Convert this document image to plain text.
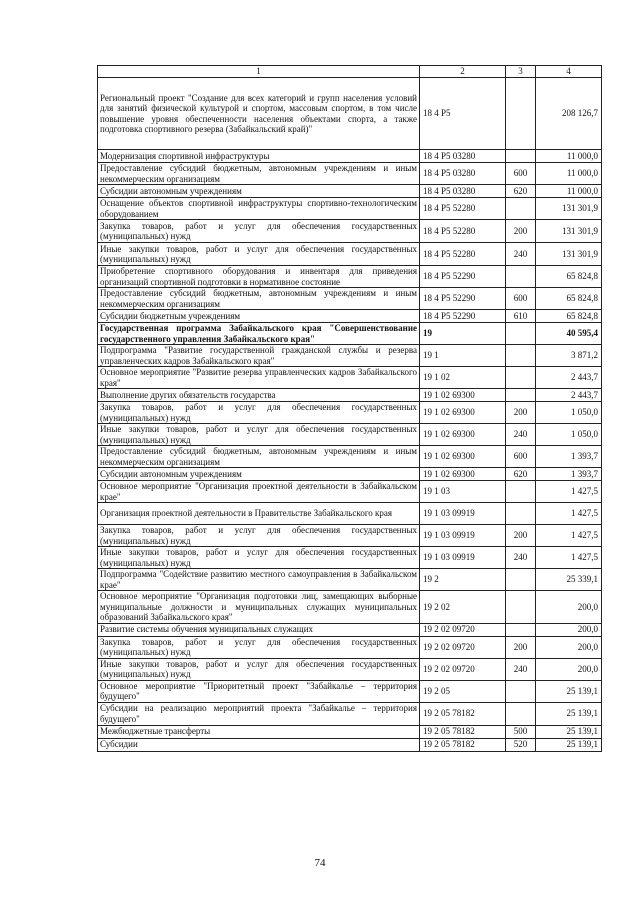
1	2	3	4
Региональный проект "Создание для всех категорий и групп населения условий для занятий физической культурой и спортом, массовым спортом, в том числе повышение уровня обеспеченности населения объектами спорта, а также подготовка спортивного резерва (Забайкальский край)"	18 4 P5		208 126,7
Модернизация спортивной инфраструктуры	18 4 P5 03280		11 000,0
Предоставление субсидий бюджетным, автономным учреждениям и иным некоммерческим организациям	18 4 P5 03280	600	11 000,0
Субсидии автономным учреждениям	18 4 P5 03280	620	11 000,0
Оснащение объектов спортивной инфраструктуры спортивно-технологическим оборудованием	18 4 P5 52280		131 301,9
Закупка товаров, работ и услуг для обеспечения государственных (муниципальных) нужд	18 4 P5 52280	200	131 301,9
Иные закупки товаров, работ и услуг для обеспечения государственных (муниципальных) нужд	18 4 P5 52280	240	131 301,9
Приобретение спортивного оборудования и инвентаря для приведения организаций спортивной подготовки в нормативное состояние	18 4 P5 52290		65 824,8
Предоставление субсидий бюджетным, автономным учреждениям и иным некоммерческим организациям	18 4 P5 52290	600	65 824,8
Субсидии бюджетным учреждениям	18 4 P5 52290	610	65 824,8
Государственная программа Забайкальского края "Совершенствование государственного управления Забайкальского края"	19		40 595,4
Подпрограмма "Развитие государственной гражданской службы и резерва управленческих кадров Забайкальского края"	19 1		3 871,2
Основное мероприятие "Развитие резерва управленческих кадров Забайкальского края"	19 1 02		2 443,7
Выполнение других обязательств государства	19 1 02 69300		2 443,7
Закупка товаров, работ и услуг для обеспечения государственных (муниципальных) нужд	19 1 02 69300	200	1 050,0
Иные закупки товаров, работ и услуг для обеспечения государственных (муниципальных) нужд	19 1 02 69300	240	1 050,0
Предоставление субсидий бюджетным, автономным учреждениям и иным некоммерческим организациям	19 1 02 69300	600	1 393,7
Субсидии автономным учреждениям	19 1 02 69300	620	1 393,7
Основное мероприятие "Организация проектной деятельности в Забайкальском крае"	19 1 03		1 427,5
Организация проектной деятельности в Правительстве Забайкальского края	19 1 03 09919		1 427,5
Закупка товаров, работ и услуг для обеспечения государственных (муниципальных) нужд	19 1 03 09919	200	1 427,5
Иные закупки товаров, работ и услуг для обеспечения государственных (муниципальных) нужд	19 1 03 09919	240	1 427,5
Подпрограмма "Содействие развитию местного самоуправления в Забайкальском крае"	19 2		25 339,1
Основное мероприятие "Организация подготовки лиц, замещающих выборные муниципальные должности и муниципальных служащих муниципальных образований Забайкальского края"	19 2 02		200,0
Развитие системы обучения муниципальных служащих	19 2 02 09720		200,0
Закупка товаров, работ и услуг для обеспечения государственных (муниципальных) нужд	19 2 02 09720	200	200,0
Иные закупки товаров, работ и услуг для обеспечения государственных (муниципальных) нужд	19 2 02 09720	240	200,0
Основное мероприятие "Приоритетный проект "Забайкалье – территория будущего"	19 2 05		25 139,1
Субсидии на реализацию мероприятий проекта "Забайкалье – территория будущего"	19 2 05 78182		25 139,1
Межбюджетные трансферты	19 2 05 78182	500	25 139,1
Субсидии	19 2 05 78182	520	25 139,1
74
